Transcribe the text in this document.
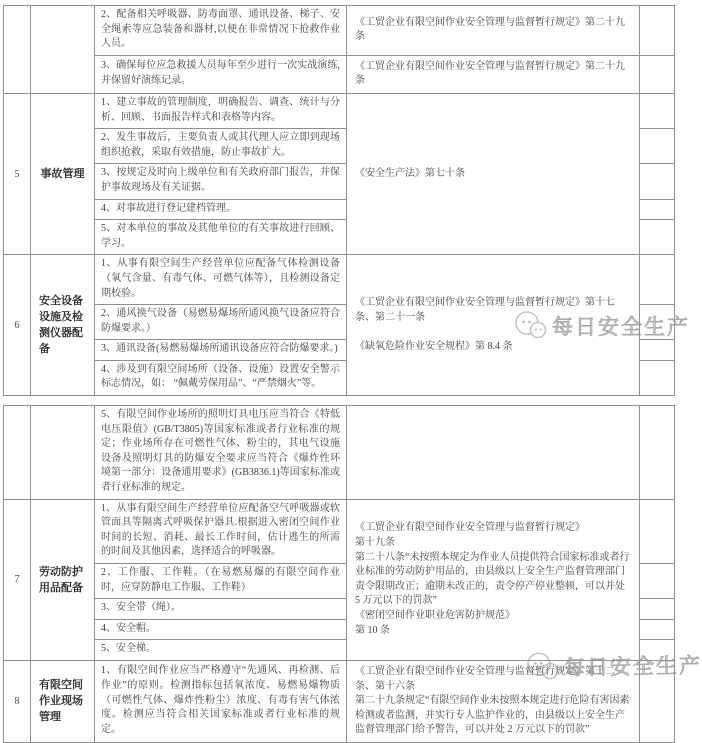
2、配备相关呼吸器、防毒面罩、通讯设备、梯子、安全绳索等应急装备和器材,以便在非常情况下抢救作业人员。
《工贸企业有限空间作业安全管理与监督暂行规定》第二十九条
3、确保每位应急救援人员每年至少进行一次实战演练,并保留好演练记录。
《工贸企业有限空间作业安全管理与监督暂行规定》第二十九条
5	事故管理
1、建立事故的管理制度，明确报告、调查、统计与分析、回顾、书面报告样式和表格等内容。
2、发生事故后，主要负责人或其代理人应立即到现场组织抢救，采取有效措施，防止事故扩大。
3、按规定及时向上级单位和有关政府部门报告，并保护事故现场及有关证据。
4、对事故进行登记建档管理。
5、对本单位的事故及其他单位的有关事故进行回顾、学习。
《安全生产法》第七十条
6
安全设备设施及检测仪器配备
1、从事有限空间生产经营单位应配备气体检测设备（氧气含量、有毒气体、可燃气体等），且检测设备定期校验。
2、通风换气设备（易燃易爆场所通风换气设备应符合防爆要求。）
3、通讯设备(易燃易爆场所通讯设备应符合防爆要求。)
4、涉及到有限空间场所（设备、设施）设置安全警示标志情况，如： “佩戴劳保用品”、“严禁烟火”等。
《工贸企业有限空间作业安全管理与监督暂行规定》第十七条、第二十一条
《缺氧危险作业安全规程》第 8.4 条
5、有限空间作业场所的照明灯具电压应当符合《特低电压限值》(GB/T3805)等国家标准或者行业标准的规定；作业场所存在可燃性气体、粉尘的，其电气设施设备及照明灯具的防爆安全要求应当符合《爆炸性环境第一部分：设备通用要求》(GB3836.1)等国家标准或者行业标准的规定。
7
劳动防护用品配备
1、从事有限空间生产经营单位应配备空气呼吸器或软管面具等隔离式呼吸保护器具.根据进入密闭空间作业时间的长短、消耗、最长工作时间，估计逃生的所需的时间及其他因素，选择适合的呼吸器。
2、工作服、工作鞋。（在易燃易爆的有限空间作业时，应穿防静电工作服、工作鞋）
3、安全带（绳）。
4、安全帽。
5、安全梯。
《工贸企业有限空间作业安全管理与监督暂行规定》
第十九条
第二十八条“未按照本规定为作业人员提供符合国家标准或者行业标准的劳动防护用品的，由县级以上安全生产监督管理部门责令限期改正；逾期未改正的，责令停产停业整顿，可以并处 5 万元以下的罚款”
《密闭空间作业职业危害防护规范》
第 10 条
8
有限空间作业现场管理
1、有限空间作业应当严格遵守“先通风、再检测、后作业”的原则。检测指标包括氧浓度、易燃易爆物质（可燃性气体、爆炸性粉尘）浓度、有毒有害气体浓度。检测应当符合相关国家标准或者行业标准的规定。
《工贸企业有限空间作业安全管理与监督暂行规定》第十二条、第十六条
第二十九条规定“有限空间作业未按照本规定进行危险有害因素检测或者监测，并实行专人监护作业的，由县级以上安全生产监督管理部门给予警告，可以并处 2 万元以下的罚款”
每日安全生产
每日安全生产
